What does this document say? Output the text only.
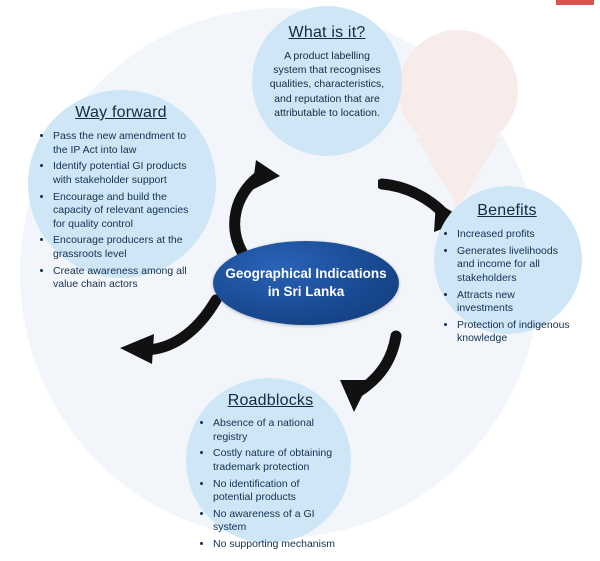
Geographical Indications
in Sri Lanka
What is it?
A product labelling system that recognises qualities, characteristics, and reputation that are attributable to location.
Benefits
• Increased profits
• Generates livelihoods and income for all stakeholders
• Attracts new investments
• Protection of indigenous knowledge
Roadblocks
• Absence of a national registry
• Costly nature of obtaining trademark protection
• No identification of potential products
• No awareness of a GI system
• No supporting mechanism
Way forward
• Pass the new amendment to the IP Act into law
• Identify potential GI products with stakeholder support
• Encourage and build the capacity of relevant agencies for quality control
• Encourage producers at the grassroots level
• Create awareness among all value chain actors
